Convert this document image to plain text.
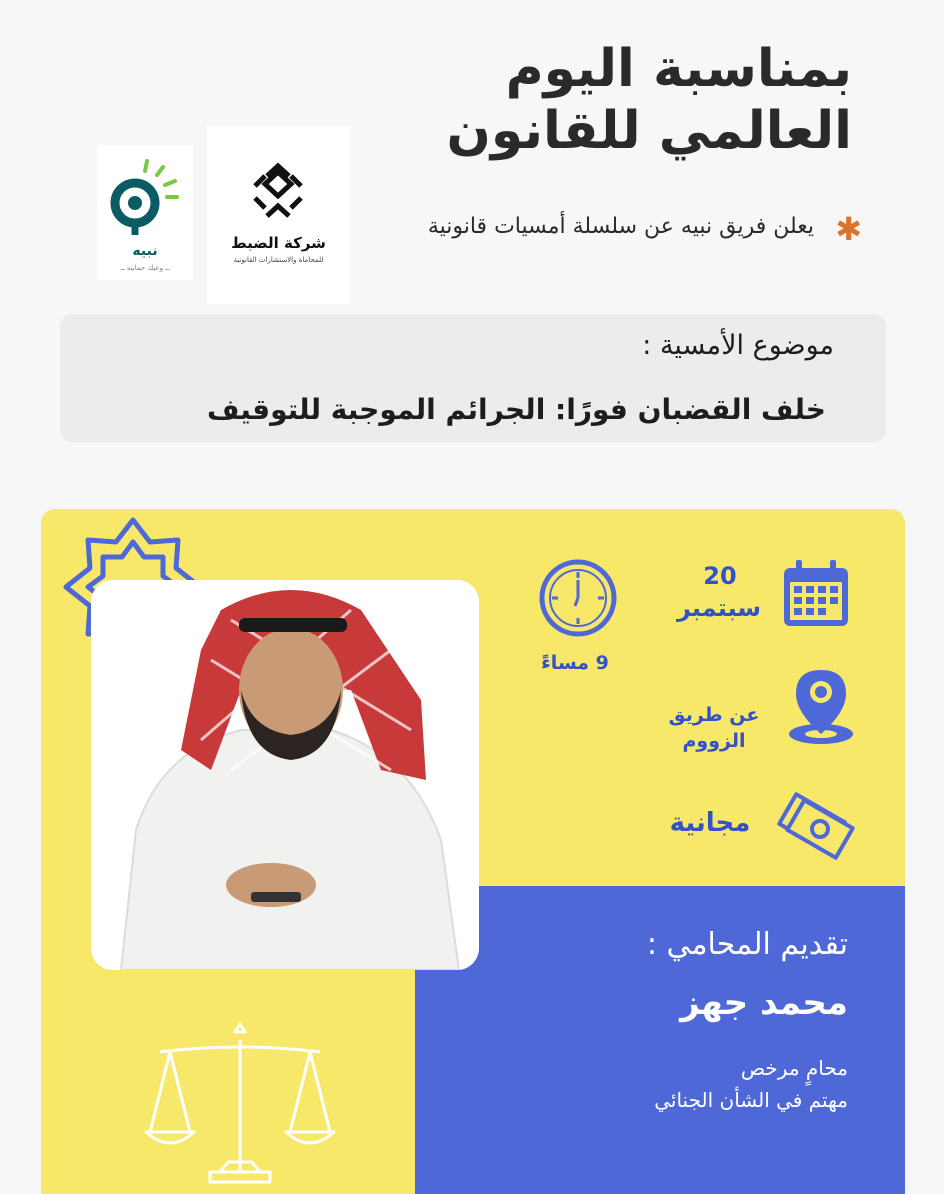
بمناسبة اليوم
العالمي للقانون
نبيه
ــ وعيك حمايته ــ
شركة الضبط
للمحاماة والاستشارات القانونية
✱
يعلن فريق نبيه عن سلسلة أمسيات قانونية
موضوع الأمسية :
خلف القضبان فورًا: الجرائم الموجبة للتوقيف
20
سبتمبر
9 مساءً
عن طريق
الزووم
مجانية
تقديم المحامي :
محمد جهز
محامٍ مرخص
مهتم في الشأن الجنائي
